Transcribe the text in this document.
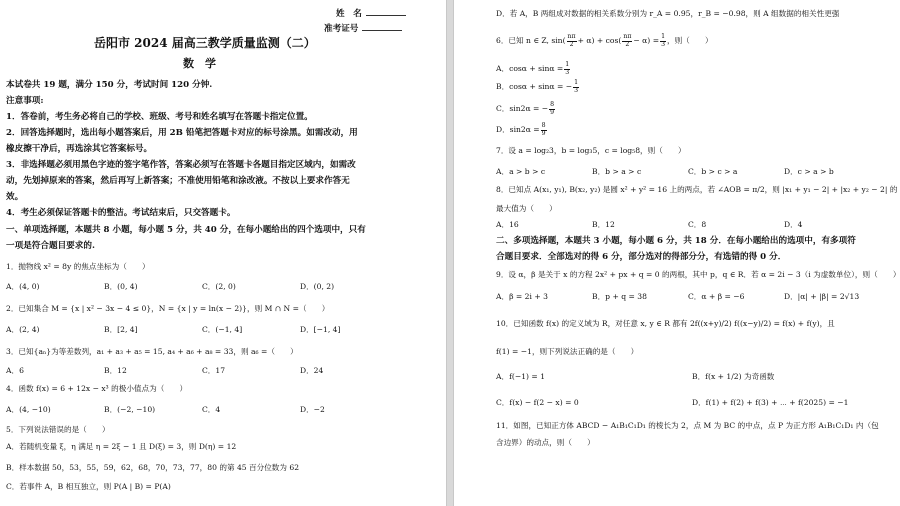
姓　名
准考证号
岳阳市 2024 届高三教学质量监测（二）
数　学
本试卷共 19 题，满分 150 分，考试时间 120 分钟.
注意事项:
1．答卷前，考生务必将自己的学校、班级、考号和姓名填写在答题卡指定位置。
2．回答选择题时，选出每小题答案后，用 2B 铅笔把答题卡对应的标号涂黑。如需改动，用
橡皮擦干净后，再选涂其它答案标号。
3．非选择题必须用黑色字迹的签字笔作答，答案必须写在答题卡各题目指定区域内，如需改
动，先划掉原来的答案，然后再写上新答案；不准使用铅笔和涂改液。不按以上要求作答无
效。
4．考生必须保证答题卡的整洁。考试结束后，只交答题卡。
一、单项选择题，本题共 8 小题，每小题 5 分，共 40 分，在每小题给出的四个选项中，只有
一项是符合题目要求的.
1．抛物线 x² = 8y 的焦点坐标为（　　）
A．(4, 0)	B．(0, 4)	C．(2, 0)	D．(0, 2)
2．已知集合 M = {x | x² − 3x − 4 ≤ 0}，N = {x | y = ln(x − 2)}，则 M ∩ N =（　　）
A．(2, 4)	B．[2, 4]	C．(−1, 4]	D．[−1, 4]
3．已知{aₙ}为等差数列，a₁ + a₃ + a₅ = 15, a₄ + a₆ + a₈ = 33，则 a₆ =（　　）
A．6	B．12	C．17	D．24
4．函数 f(x) = 6 + 12x − x³ 的极小值点为（　　）
A．(4, −10)	B．(−2, −10)	C．4	D．−2
5．下列说法错误的是（　　）
A．若随机变量 ξ，η 满足 η = 2ξ − 1 且 D(ξ) = 3，则 D(η) = 12
B．样本数据 50，53，55，59，62，68，70，73，77，80 的第 45 百分位数为 62
C．若事件 A，B 相互独立，则 P(A | B) = P(A)
D．若 A，B 两组成对数据的相关系数分别为 r_A = 0.95，r_B = −0.98，则 A 组数据的相关性更强
6．已知 n ∈ Z, $\sin( \frac{n\pi}{2} + \alpha) + \cos( \frac{n\pi}{2} - \alpha) = \frac{1}{3}$ ，则（　　）
A．$\cos\alpha + \sin\alpha = \frac{1}{3}$
B．cosα + sinα = − $\frac{1}{3}$
C．sin2α = − $\frac{8}{9}$
D．$\sin 2\alpha = \frac{8}{9}$
7．设 a = log₂3，b = log₃5，c = log₅8，则（　　）
A．a > b > c	B．b > a > c	C．b > c > a	D．c > a > b
8．已知点 A(x₁, y₁), B(x₂, y₂) 是圆 x² + y² = 16 上的两点，若 ∠AOB = π/2，则 |x₁ + y₁ − 2| + |x₂ + y₂ − 2| 的
最大值为（　　）
A．16	B．12	C．8	D．4
二、多项选择题，本题共 3 小题，每小题 6 分，共 18 分．在每小题给出的选项中，有多项符
合题目要求．全部选对的得 6 分，部分选对的得部分分，有选错的得 0 分．
9．设 α，β 是关于 x 的方程 2x² + px + q = 0 的两根，其中 p，q ∈ R．若 α = 2i − 3（i 为虚数单位），则（　　）
A．β = 2i + 3	B．p + q = 38	C．α + β = −6	D．|α| + |β| = 2√13
10．已知函数 f(x) 的定义域为 R，对任意 x, y ∈ R 都有 2f((x+y)/2) f((x−y)/2) = f(x) + f(y)，且
f(1) = −1，则下列说法正确的是（　　）
A．f(−1) = 1	B．f(x + 1/2) 为奇函数
C．f(x) − f(2 − x) = 0	D．f(1) + f(2) + f(3) + ⋯ + f(2025) = −1
11．如图，已知正方体 ABCD − A₁B₁C₁D₁ 的棱长为 2，点 M 为 BC 的中点，点 P 为正方形 A₁B₁C₁D₁ 内（包
含边界）的动点，则（　　）
